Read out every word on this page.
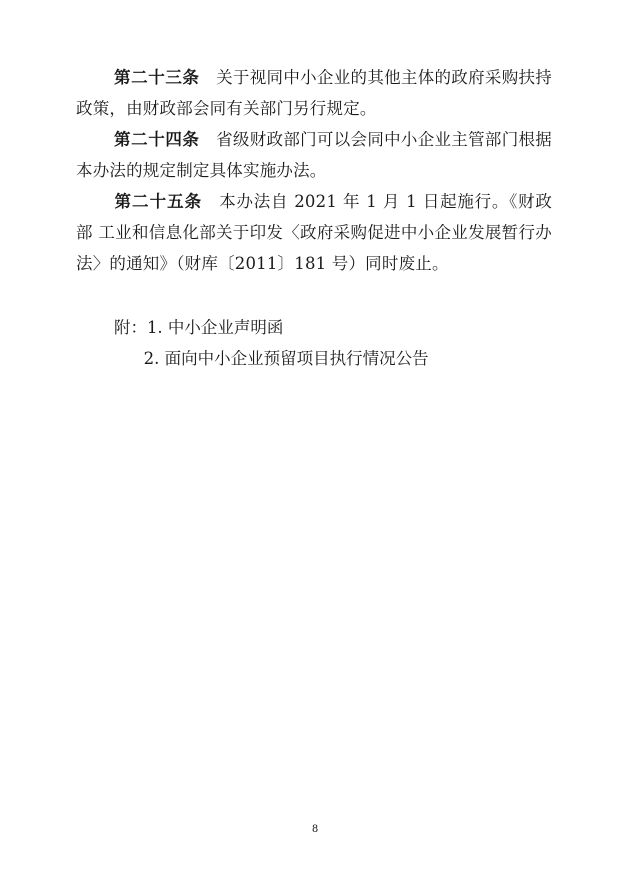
第二十三条 关于视同中小企业的其他主体的政府采购扶持政策，由财政部会同有关部门另行规定。

第二十四条 省级财政部门可以会同中小企业主管部门根据本办法的规定制定具体实施办法。

第二十五条 本办法自 2021 年 1 月 1 日起施行。《财政部 工业和信息化部关于印发〈政府采购促进中小企业发展暂行办法〉的通知》（财库〔2011〕181 号）同时废止。

附：1. 中小企业声明函
2. 面向中小企业预留项目执行情况公告
8
